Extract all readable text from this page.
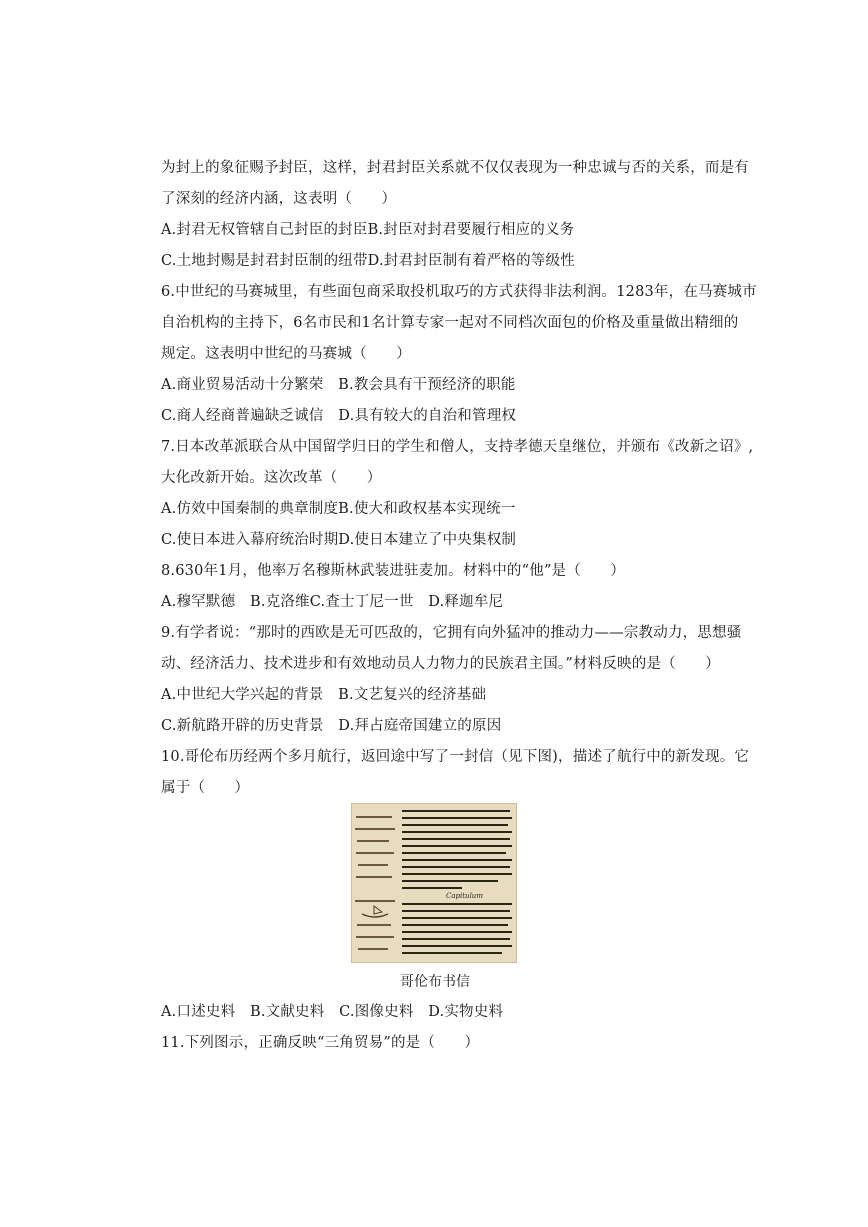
为封上的象征赐予封臣，这样，封君封臣关系就不仅仅表现为一种忠诚与否的关系，而是有
了深刻的经济内涵，这表明（　　）
A.封君无权管辖自己封臣的封臣B.封臣对封君要履行相应的义务
C.土地封赐是封君封臣制的纽带D.封君封臣制有着严格的等级性
6.中世纪的马赛城里，有些面包商采取投机取巧的方式获得非法利润。1283年，在马赛城市
自治机构的主持下，6名市民和1名计算专家一起对不同档次面包的价格及重量做出精细的
规定。这表明中世纪的马赛城（　　）
A.商业贸易活动十分繁荣　B.教会具有干预经济的职能
C.商人经商普遍缺乏诚信　D.具有较大的自治和管理权
7.日本改革派联合从中国留学归日的学生和僧人，支持孝德天皇继位，并颁布《改新之诏》,
大化改新开始。这次改革（　　）
A.仿效中国秦制的典章制度B.使大和政权基本实现统一
C.使日本进入幕府统治时期D.使日本建立了中央集权制
8.630年1月，他率万名穆斯林武装进驻麦加。材料中的“他”是（　　）
A.穆罕默德　B.克洛维C.査士丁尼一世　D.释迦牟尼
9.有学者说：“那时的西欧是无可匹敌的，它拥有向外猛冲的推动力——宗教动力，思想骚
动、经济活力、技术进步和有效地动员人力物力的民族君主国。”材料反映的是（　　）
A.中世纪大学兴起的背景　B.文艺复兴的经济基础
C.新航路开辟的历史背景　D.拜占庭帝国建立的原因
10.哥伦布历经两个多月航行，返回途中写了一封信（见下图)，描述了航行中的新发现。它
属于（　　）
Capitulum
哥伦布书信
A.口述史料　B.文献史料　C.图像史料　D.实物史料
11.下列图示，正确反映“三角贸易”的是（　　）
